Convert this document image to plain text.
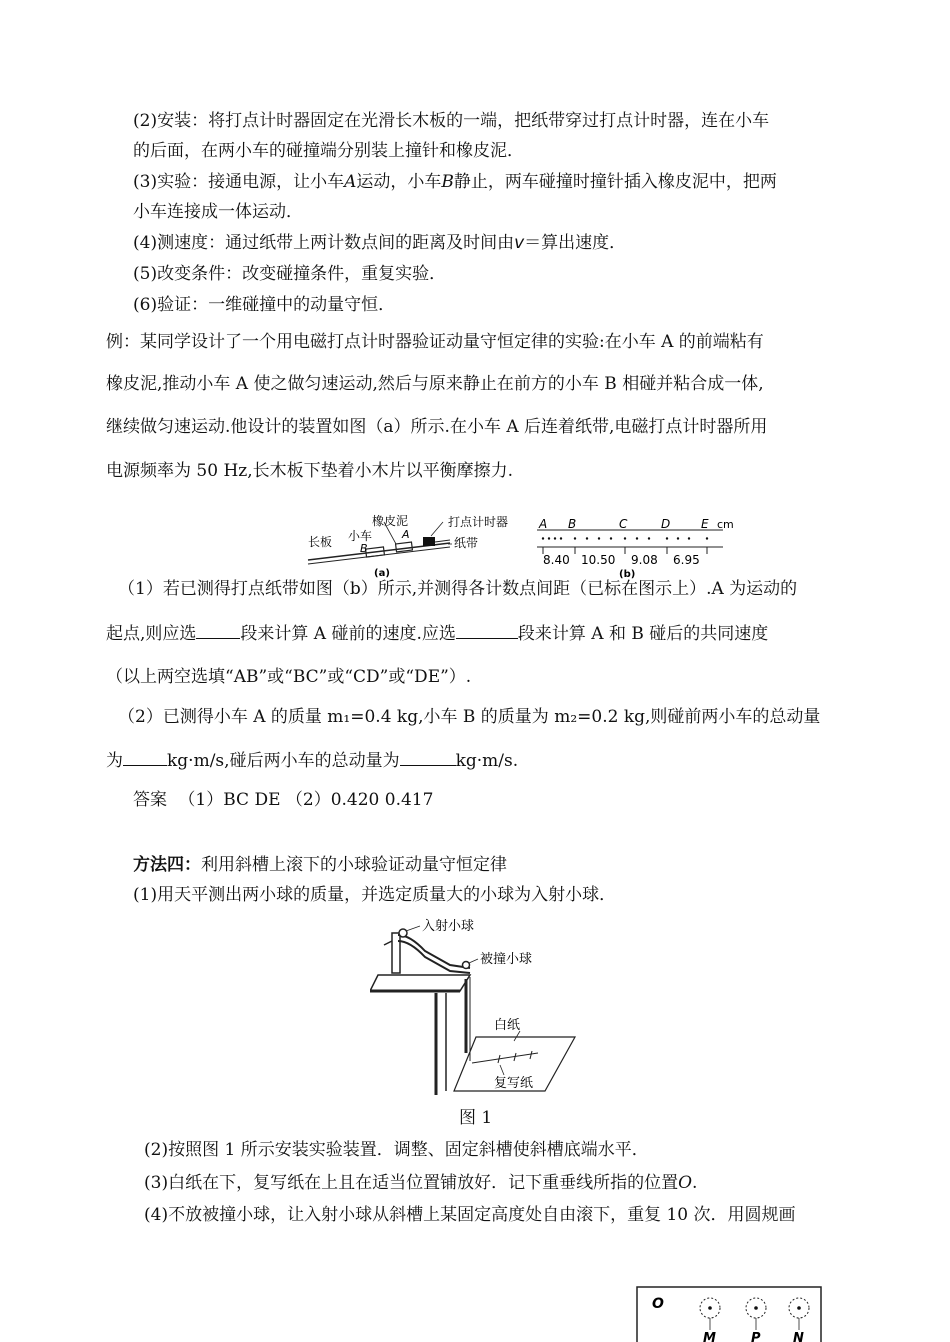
(2)安装：将打点计时器固定在光滑长木板的一端，把纸带穿过打点计时器，连在小车
的后面，在两小车的碰撞端分别装上撞针和橡皮泥．
(3)实验：接通电源，让小车A运动，小车B静止，两车碰撞时撞针插入橡皮泥中，把两
小车连接成一体运动．
(4)测速度：通过纸带上两计数点间的距离及时间由v＝算出速度．
(5)改变条件：改变碰撞条件，重复实验．
(6)验证：一维碰撞中的动量守恒．
例：某同学设计了一个用电磁打点计时器验证动量守恒定律的实验:在小车 A 的前端粘有
橡皮泥,推动小车 A 使之做匀速运动,然后与原来静止在前方的小车 B 相碰并粘合成一体,
继续做匀速运动.他设计的装置如图（a）所示.在小车 A 后连着纸带,电磁打点计时器所用
电源频率为 50 Hz,长木板下垫着小木片以平衡摩擦力.
橡皮泥	打点计时器
长板 小车	A
B	纸带
(a)
A B	C	D	E cm
8.40 10.50 9.08 6.95
(b)
（1）若已测得打点纸带如图（b）所示,并测得各计数点间距（已标在图示上）.A 为运动的
起点,则应选	段来计算 A 碰前的速度.应选	段来计算 A 和 B 碰后的共同速度
（以上两空选填“AB”或“BC”或“CD”或“DE”）.
（2）已测得小车 A 的质量 m₁=0.4 kg,小车 B 的质量为 m₂=0.2 kg,则碰前两小车的总动量
为	kg·m/s,碰后两小车的总动量为	kg·m/s.
答案 （1）BC DE （2）0.420 0.417
方法四：利用斜槽上滚下的小球验证动量守恒定律
(1)用天平测出两小球的质量，并选定质量大的小球为入射小球．
入射小球
被撞小球
白纸
复写纸
图 1
(2)按照图 1 所示安装实验装置．调整、固定斜槽使斜槽底端水平．
(3)白纸在下，复写纸在上且在适当位置铺放好．记下重垂线所指的位置O.
(4)不放被撞小球，让入射小球从斜槽上某固定高度处自由滚下，重复 10 次．用圆规画
O
M	P N
